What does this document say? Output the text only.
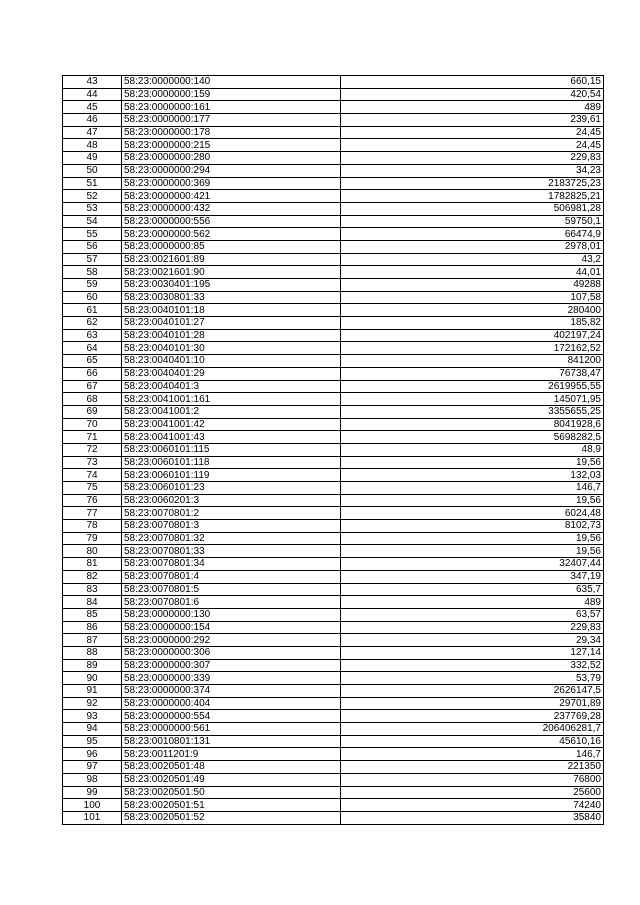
43	58:23:0000000:140	660,15
44	58:23:0000000:159	420,54
45	58:23:0000000:161	489
46	58:23:0000000:177	239,61
47	58:23:0000000:178	24,45
48	58:23:0000000:215	24,45
49	58:23:0000000:280	229,83
50	58:23:0000000:294	34,23
51	58:23:0000000:369	2183725,23
52	58:23:0000000:421	1782825,21
53	58:23:0000000:432	506981,28
54	58:23:0000000:556	59750,1
55	58:23:0000000:562	66474,9
56	58:23:0000000:85	2978,01
57	58:23:0021601:89	43,2
58	58:23:0021601:90	44,01
59	58:23:0030401:195	49288
60	58:23:0030801:33	107,58
61	58:23:0040101:18	280400
62	58:23:0040101:27	185,82
63	58:23:0040101:28	402197,24
64	58:23:0040101:30	172162,52
65	58:23:0040401:10	841200
66	58:23:0040401:29	76738,47
67	58:23:0040401:3	2619955,55
68	58:23:0041001:161	145071,95
69	58:23:0041001:2	3355655,25
70	58:23:0041001:42	8041928,6
71	58:23:0041001:43	5698282,5
72	58:23:0060101:115	48,9
73	58:23:0060101:118	19,56
74	58:23:0060101:119	132,03
75	58:23:0060101:23	146,7
76	58:23:0060201:3	19,56
77	58:23:0070801:2	6024,48
78	58:23:0070801:3	8102,73
79	58:23:0070801:32	19,56
80	58:23:0070801:33	19,56
81	58:23:0070801:34	32407,44
82	58:23:0070801:4	347,19
83	58:23:0070801:5	635,7
84	58:23:0070801:6	489
85	58:23:0000000:130	63,57
86	58:23:0000000:154	229,83
87	58:23:0000000:292	29,34
88	58:23:0000000:306	127,14
89	58:23:0000000:307	332,52
90	58:23:0000000:339	53,79
91	58:23:0000000:374	2626147,5
92	58:23:0000000:404	29701,89
93	58:23:0000000:554	237769,28
94	58:23:0000000:561	206406281,7
95	58:23:0010801:131	45610,16
96	58:23:0011201:9	146,7
97	58:23:0020501:48	221350
98	58:23:0020501:49	76800
99	58:23:0020501:50	25600
100	58:23:0020501:51	74240
101	58:23:0020501:52	35840
